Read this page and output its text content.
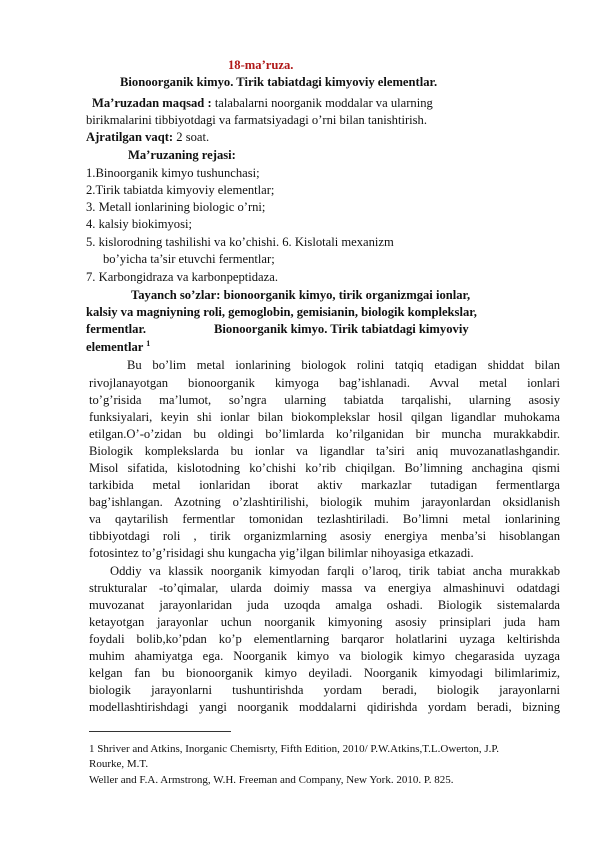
18-ma’ruza.
Bionoorganik kimyo. Tirik tabiatdagi kimyoviy elementlar.
Ma’ruzadan maqsad : talabalarni noorganik moddalar va ularning
birikmalarini tibbiyotdagi va farmatsiyadagi o’rni bilan tanishtirish.
Ajratilgan vaqt: 2 soat.
Ma’ruzaning rejasi:
1.Binoorganik kimyo tushunchasi;
2.Tirik tabiatda kimyoviy elementlar;
3. Metall ionlarining biologic o’rni;
4. kalsiy biokimyosi;
5. kislorodning tashilishi va ko’chishi. 6. Kislotali mexanizm
bo’yicha ta’sir etuvchi fermentlar;
7. Karbongidraza va karbonpeptidaza.
Tayanch so’zlar: bionoorganik kimyo, tirik organizmgai ionlar,
kalsiy va magniyning roli, gemoglobin, gemisianin, biologik komplekslar,
fermentlar.	Bionoorganik kimyo. Tirik tabiatdagi kimyoviy
elementlar $^1$
Bu bo’lim metal ionlarining biologok rolini tatqiq etadigan shiddat bilan
rivojlanayotgan bionoorganik kimyoga bag’ishlanadi. Avval metal ionlari
to’g’risida ma’lumot, so’ngra ularning tabiatda tarqalishi, ularning asosiy
funksiyalari, keyin shi ionlar bilan biokomplekslar hosil qilgan ligandlar muhokama
etilgan.O’-o’zidan bu oldingi bo’limlarda ko’rilganidan bir muncha murakkabdir.
Biologik komplekslarda bu ionlar va ligandlar ta’siri aniq muvozanatlashgandir.
Misol sifatida, kislotodning ko’chishi ko’rib chiqilgan. Bo’limning anchagina qismi
tarkibida metal ionlaridan iborat aktiv markazlar tutadigan fermentlarga
bag’ishlangan. Azotning o’zlashtirilishi, biologik muhim jarayonlardan oksidlanish
va qaytarilish fermentlar tomonidan tezlashtiriladi. Bo’limni metal ionlarining
tibbiyotdagi roli , tirik organizmlarning asosiy energiya menba’si hisoblangan
fotosintez to’g’risidagi shu kungacha yig’ilgan bilimlar nihoyasiga etkazadi.
Oddiy va klassik noorganik kimyodan farqli o’laroq, tirik tabiat ancha murakkab
strukturalar -to’qimalar, ularda doimiy massa va energiya almashinuvi odatdagi
muvozanat jarayonlaridan juda uzoqda amalga oshadi. Biologik sistemalarda
ketayotgan jarayonlar uchun noorganik kimyoning asosiy prinsiplari juda ham
foydali bolib,ko’pdan ko’p elementlarning barqaror holatlarini uyzaga keltirishda
muhim ahamiyatga ega. Noorganik kimyo va biologik kimyo chegarasida uyzaga
kelgan fan bu bionoorganik kimyo deyiladi. Noorganik kimyodagi bilimlarimiz,
biologik jarayonlarni tushuntirishda yordam beradi, biologik jarayonlarni
modellashtirishdagi yangi noorganik moddalarni qidirishda yordam beradi, bizning
1 Shriver and Atkins, Inorganic Chemisrty, Fifth Edition, 2010/ P.W.Atkins,T.L.Owerton, J.P.
Rourke, M.T.
Weller and F.A. Armstrong, W.H. Freeman and Company, New York. 2010. P. 825.
